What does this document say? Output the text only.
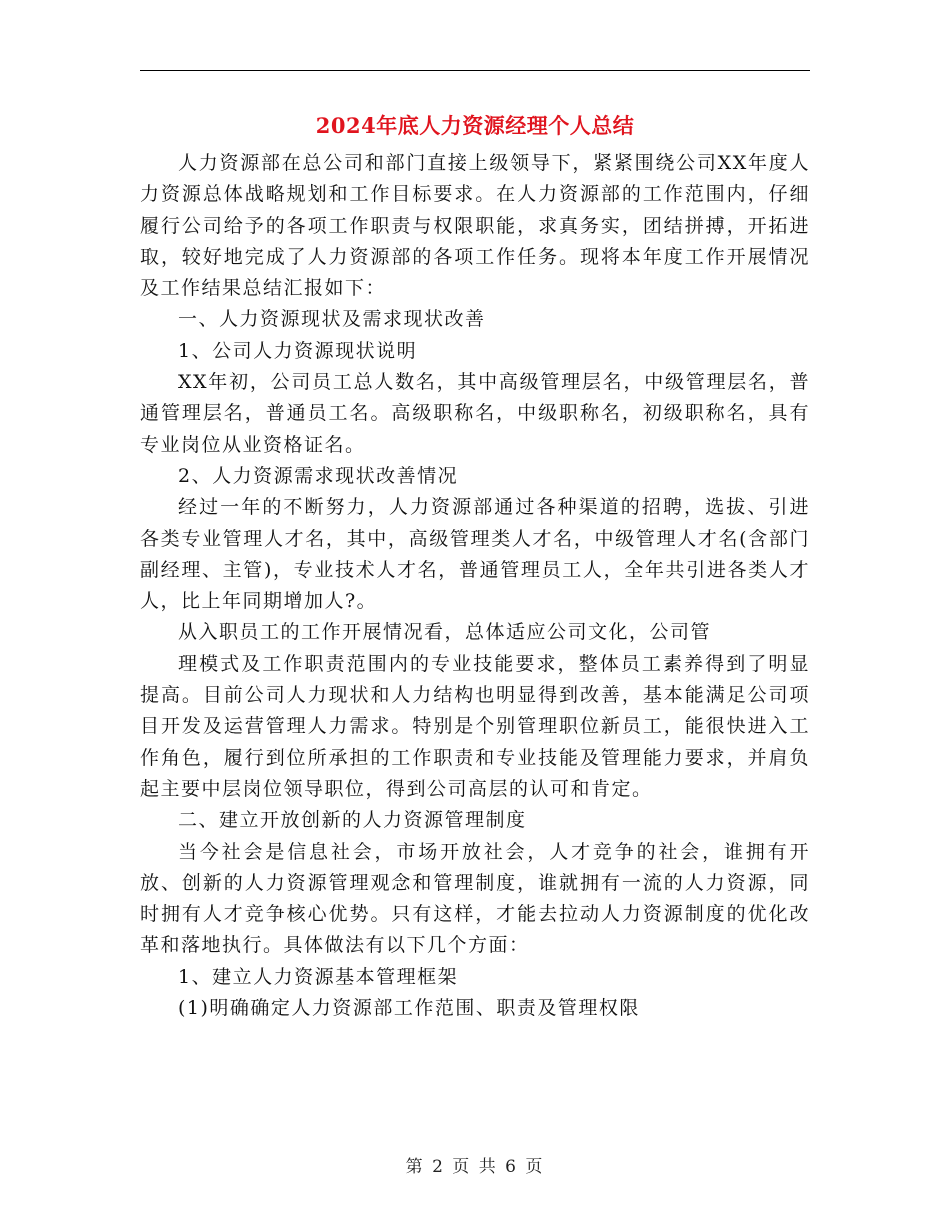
2024年底人力资源经理个人总结

人力资源部在总公司和部门直接上级领导下，紧紧围绕公司XX年度人力资源总体战略规划和工作目标要求。在人力资源部的工作范围内，仔细履行公司给予的各项工作职责与权限职能，求真务实，团结拼搏，开拓进取，较好地完成了人力资源部的各项工作任务。现将本年度工作开展情况及工作结果总结汇报如下：

一、人力资源现状及需求现状改善

1、公司人力资源现状说明

XX年初，公司员工总人数名，其中高级管理层名，中级管理层名，普通管理层名，普通员工名。高级职称名，中级职称名，初级职称名，具有专业岗位从业资格证名。

2、人力资源需求现状改善情况

经过一年的不断努力，人力资源部通过各种渠道的招聘，选拔、引进各类专业管理人才名，其中，高级管理类人才名，中级管理人才名(含部门副经理、主管)，专业技术人才名，普通管理员工人，全年共引进各类人才人，比上年同期增加人?。

从入职员工的工作开展情况看，总体适应公司文化，公司管

理模式及工作职责范围内的专业技能要求，整体员工素养得到了明显提高。目前公司人力现状和人力结构也明显得到改善，基本能满足公司项目开发及运营管理人力需求。特别是个别管理职位新员工，能很快进入工作角色，履行到位所承担的工作职责和专业技能及管理能力要求，并肩负起主要中层岗位领导职位，得到公司高层的认可和肯定。

二、建立开放创新的人力资源管理制度

当今社会是信息社会，市场开放社会，人才竞争的社会，谁拥有开放、创新的人力资源管理观念和管理制度，谁就拥有一流的人力资源，同时拥有人才竞争核心优势。只有这样，才能去拉动人力资源制度的优化改革和落地执行。具体做法有以下几个方面：

1、建立人力资源基本管理框架

(1)明确确定人力资源部工作范围、职责及管理权限

第 2 页 共 6 页
